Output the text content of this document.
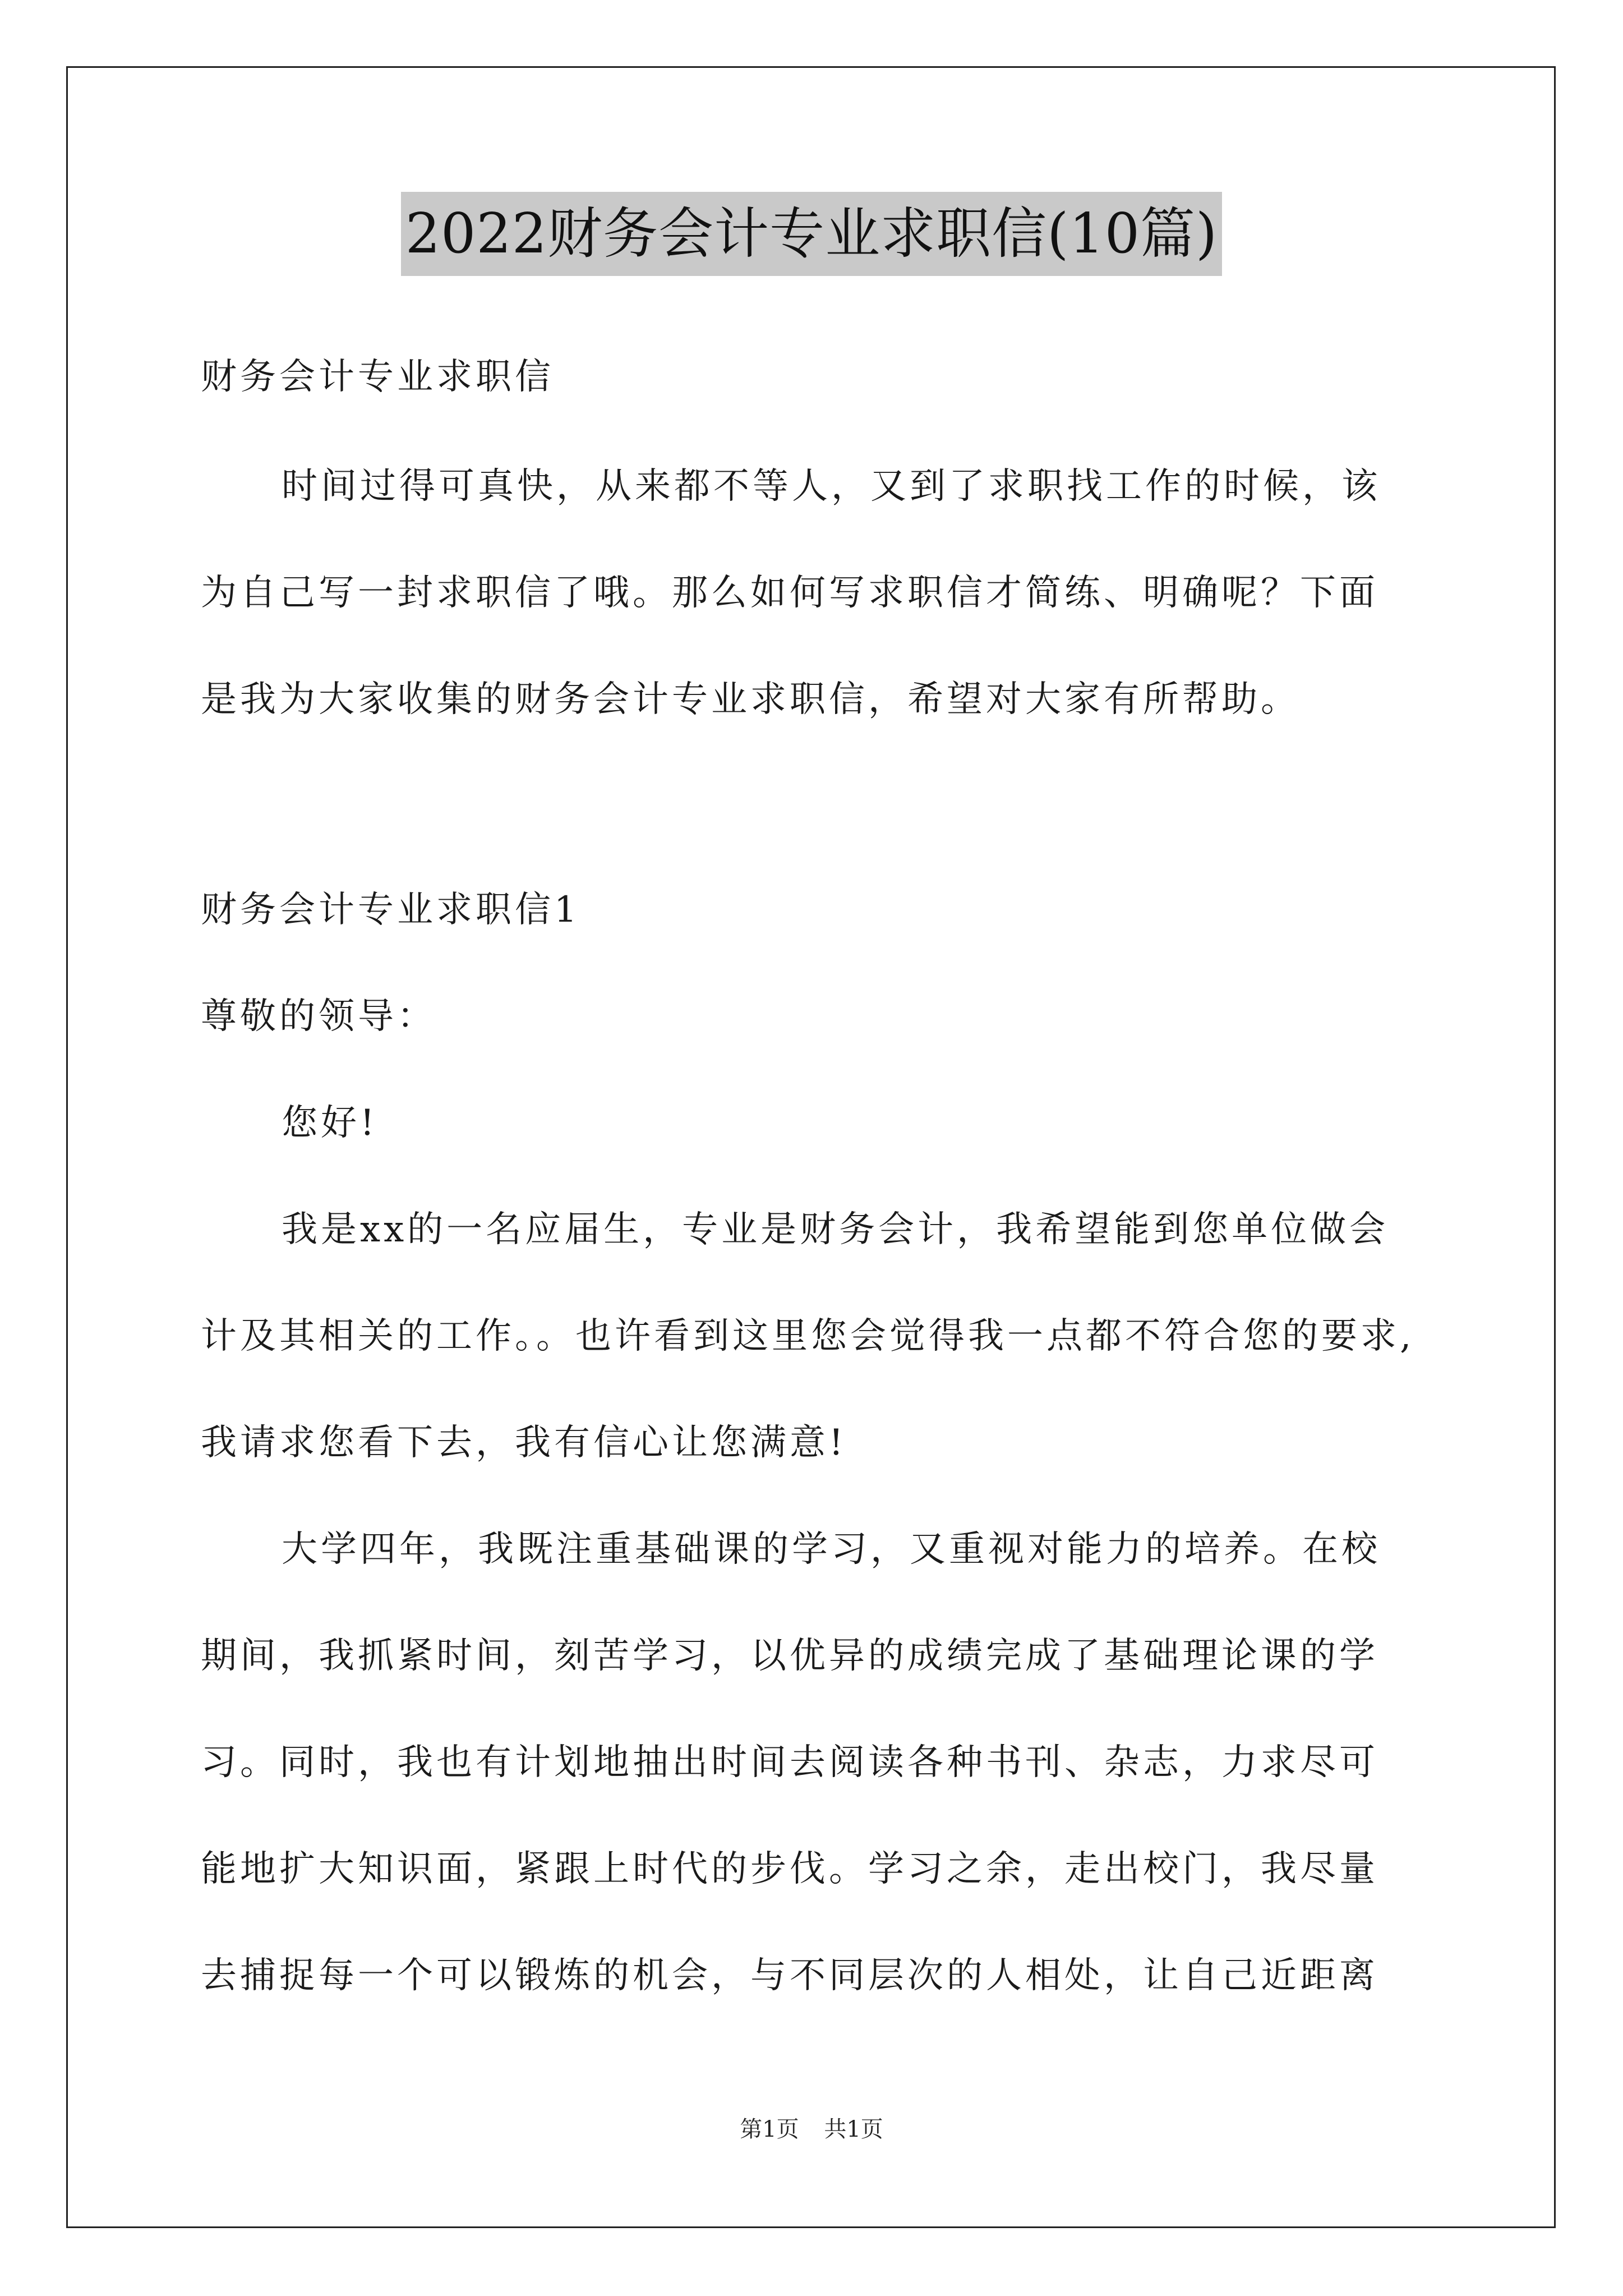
2022财务会计专业求职信(10篇)
财务会计专业求职信
时间过得可真快，从来都不等人，又到了求职找工作的时候，该
为自己写一封求职信了哦。那么如何写求职信才简练、明确呢？下面
是我为大家收集的财务会计专业求职信，希望对大家有所帮助。
财务会计专业求职信1
尊敬的领导：
您好!
我是xx的一名应届生，专业是财务会计，我希望能到您单位做会
计及其相关的工作。。也许看到这里您会觉得我一点都不符合您的要求,
我请求您看下去，我有信心让您满意!
大学四年，我既注重基础课的学习，又重视对能力的培养。在校
期间，我抓紧时间，刻苦学习，以优异的成绩完成了基础理论课的学
习。同时，我也有计划地抽出时间去阅读各种书刊、杂志，力求尽可
能地扩大知识面，紧跟上时代的步伐。学习之余，走出校门，我尽量
去捕捉每一个可以锻炼的机会，与不同层次的人相处，让自己近距离
第1页 共1页
